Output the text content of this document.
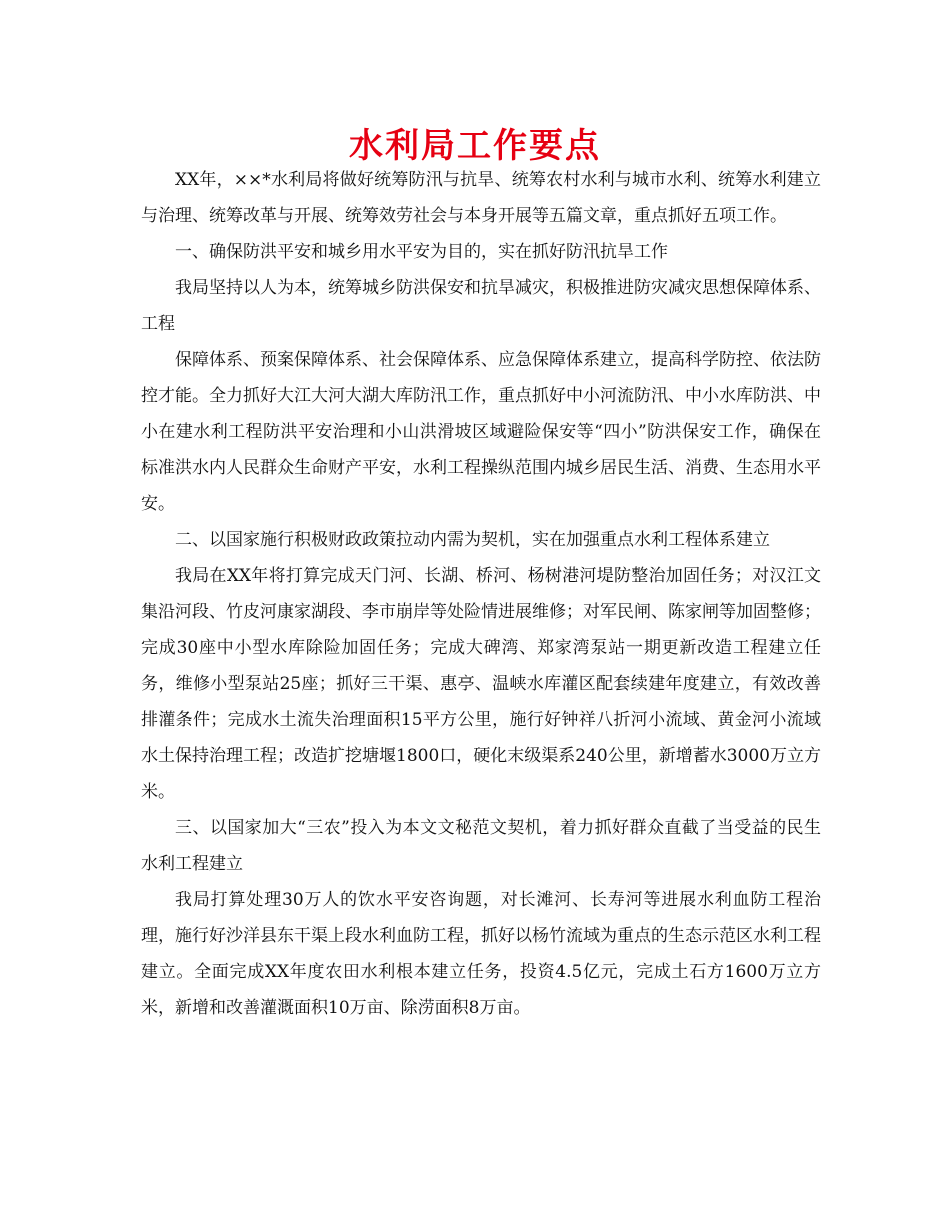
水利局工作要点

XX年，××*水利局将做好统筹防汛与抗旱、统筹农村水利与城市水利、统筹水利建立与治理、统筹改革与开展、统筹效劳社会与本身开展等五篇文章，重点抓好五项工作。

一、确保防洪平安和城乡用水平安为目的，实在抓好防汛抗旱工作

我局坚持以人为本，统筹城乡防洪保安和抗旱减灾，积极推进防灾减灾思想保障体系、工程

保障体系、预案保障体系、社会保障体系、应急保障体系建立，提高科学防控、依法防控才能。全力抓好大江大河大湖大库防汛工作，重点抓好中小河流防汛、中小水库防洪、中小在建水利工程防洪平安治理和小山洪滑坡区域避险保安等“四小”防洪保安工作，确保在标准洪水内人民群众生命财产平安，水利工程操纵范围内城乡居民生活、消费、生态用水平安。

二、以国家施行积极财政政策拉动内需为契机，实在加强重点水利工程体系建立

我局在XX年将打算完成天门河、长湖、桥河、杨树港河堤防整治加固任务；对汉江文集沿河段、竹皮河康家湖段、李市崩岸等处险情进展维修；对军民闸、陈家闸等加固整修；完成30座中小型水库除险加固任务；完成大碑湾、郑家湾泵站一期更新改造工程建立任务，维修小型泵站25座；抓好三干渠、惠亭、温峡水库灌区配套续建年度建立，有效改善排灌条件；完成水土流失治理面积15平方公里，施行好钟祥八折河小流域、黄金河小流域水土保持治理工程；改造扩挖塘堰1800口，硬化末级渠系240公里，新增蓄水3000万立方米。

三、以国家加大“三农”投入为本文文秘范文契机，着力抓好群众直截了当受益的民生水利工程建立

我局打算处理30万人的饮水平安咨询题，对长滩河、长寿河等进展水利血防工程治理，施行好沙洋县东干渠上段水利血防工程，抓好以杨竹流域为重点的生态示范区水利工程建立。全面完成XX年度农田水利根本建立任务，投资4.5亿元，完成土石方1600万立方米，新增和改善灌溉面积10万亩、除涝面积8万亩。
